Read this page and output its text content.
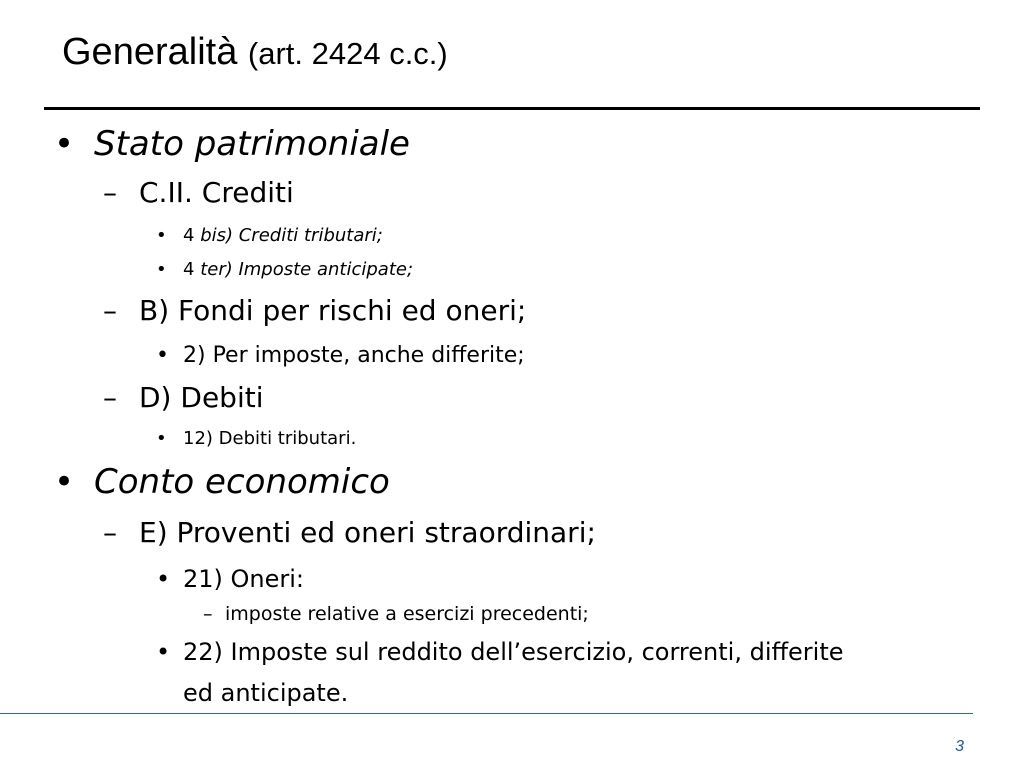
Generalità (art. 2424 c.c.)
• Stato patrimoniale
– C.II. Crediti
• 4 bis) Crediti tributari;
• 4 ter) Imposte anticipate;
– B) Fondi per rischi ed oneri;
• 2) Per imposte, anche differite;
– D) Debiti
• 12) Debiti tributari.
• Conto economico
– E) Proventi ed oneri straordinari;
• 21) Oneri:
– imposte relative a esercizi precedenti;
• 22) Imposte sul reddito dell’esercizio, correnti, differite
ed anticipate.
3
